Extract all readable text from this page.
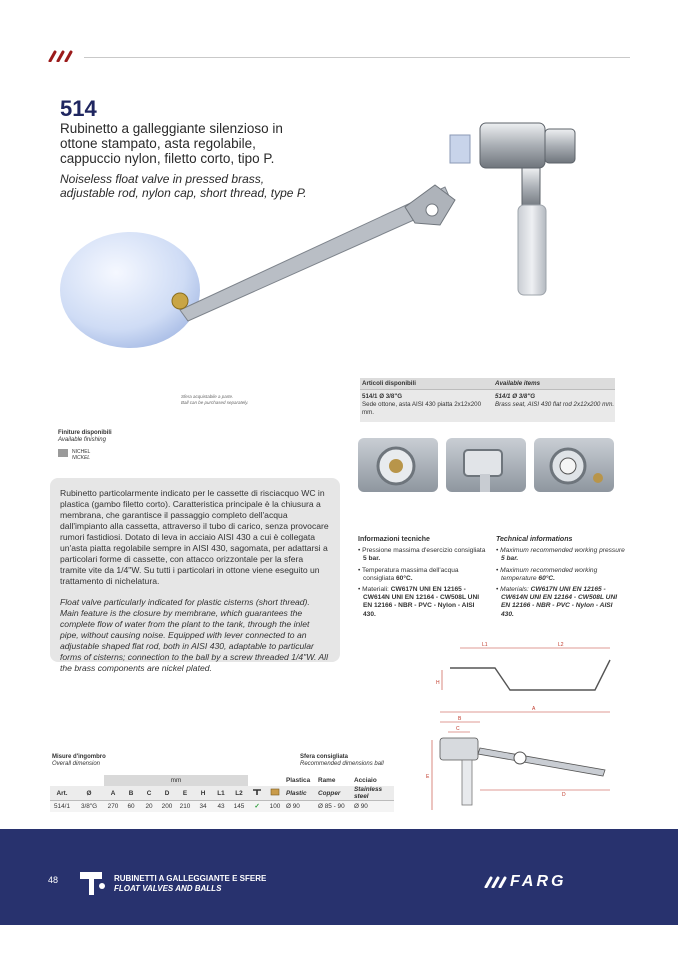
514
Rubinetto a galleggiante silenzioso in ottone stampato, asta regolabile, cappuccio nylon, filetto corto, tipo P.
Noiseless float valve in pressed brass, adjustable rod, nylon cap, short thread, type P.
Sfera acquistabile a parte.
Ball can be purchased separately.
Finiture disponibili
Available finishing
NICHEL
NICKEL

Rubinetto particolarmente indicato per le cassette di risciacquo WC in plastica (gambo filetto corto). Caratteristica principale è la chiusura a membrana, che garantisce il passaggio completo dell'acqua dall'impianto alla cassetta, attraverso il tubo di carico, senza provocare rumori fastidiosi. Dotato di leva in acciaio AISI 430 a cui è collegata un'asta piatta regolabile sempre in AISI 430, sagomata, per adattarsi a particolari forme di cassette, con attacco orizzontale per la sfera tramite vite da 1/4"W. Su tutti i particolari in ottone viene eseguito un trattamento di nichelatura.

Float valve particularly indicated for plastic cisterns (short thread). Main feature is the closure by membrane, which guarantees the complete flow of water from the plant to the tank, through the inlet pipe, without causing noise. Equipped with lever connected to an adjustable shaped flat rod, both in AISI 430, adaptable to particular forms of cisterns; connection to the ball by a screw threaded 1/4"W. All the brass components are nickel plated.

Articoli disponibili	Available items
514/1 Ø 3/8"G
Sede ottone, asta AISI 430 piatta 2x12x200 mm.
514/1 Ø 3/8"G
Brass seat, AISI 430 flat rod 2x12x200 mm.
Informazioni tecniche
• Pressione massima d'esercizio consigliata 5 bar.
• Temperatura massima dell'acqua consigliata 60°C.
• Materiali: CW617N UNI EN 12165 - CW614N UNI EN 12164 - CW508L UNI EN 12166 - NBR - PVC - Nylon - AISI 430.
Technical informations
• Maximum recommended working pressure 5 bar.
• Maximum recommended working temperature 60°C.
• Materials: CW617N UNI EN 12165 - CW614N UNI EN 12164 - CW508L UNI EN 12166 - NBR - PVC - Nylon - AISI 430.
L1	L2
H
A
B
C
E
D
Misure d'ingombro
Overall dimension
Sfera consigliata
Recommended dimensions ball
		mm										Plastica	Rame	Acciaio
Art.	Ø	A	B	C	D	E	H	L1	L2			Plastic	Copper	Stainless steel
514/1	3/8"G	270	60	20	200	210	34	43	145	✓	100	Ø 90	Ø 85 - 90	Ø 90
48	RUBINETTI A GALLEGGIANTE E SFERE
FLOAT VALVES AND BALLS	FARG
